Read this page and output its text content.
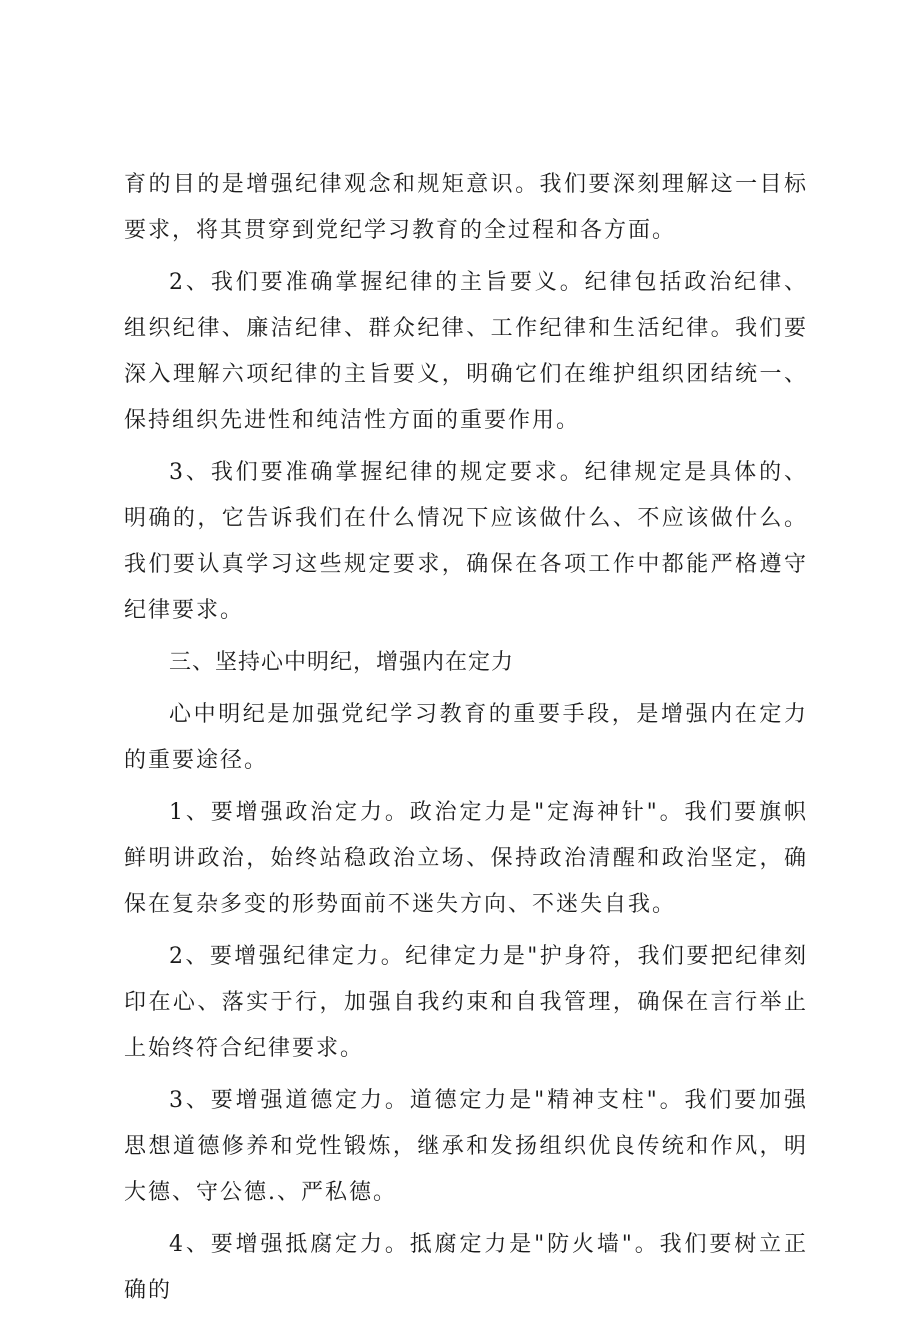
育的目的是增强纪律观念和规矩意识。我们要深刻理解这一目标要求，将其贯穿到党纪学习教育的全过程和各方面。

2、我们要准确掌握纪律的主旨要义。纪律包括政治纪律、组织纪律、廉洁纪律、群众纪律、工作纪律和生活纪律。我们要深入理解六项纪律的主旨要义，明确它们在维护组织团结统一、保持组织先进性和纯洁性方面的重要作用。

3、我们要准确掌握纪律的规定要求。纪律规定是具体的、明确的，它告诉我们在什么情况下应该做什么、不应该做什么。我们要认真学习这些规定要求，确保在各项工作中都能严格遵守纪律要求。

三、坚持心中明纪，增强内在定力

心中明纪是加强党纪学习教育的重要手段，是增强内在定力的重要途径。

1、要增强政治定力。政治定力是"定海神针"。我们要旗帜鲜明讲政治，始终站稳政治立场、保持政治清醒和政治坚定，确保在复杂多变的形势面前不迷失方向、不迷失自我。

2、要增强纪律定力。纪律定力是"护身符，我们要把纪律刻印在心、落实于行，加强自我约束和自我管理，确保在言行举止上始终符合纪律要求。

3、要增强道德定力。道德定力是"精神支柱"。我们要加强思想道德修养和党性锻炼，继承和发扬组织优良传统和作风，明大德、守公德.、严私德。

4、要增强抵腐定力。抵腐定力是"防火墙"。我们要树立正确的
